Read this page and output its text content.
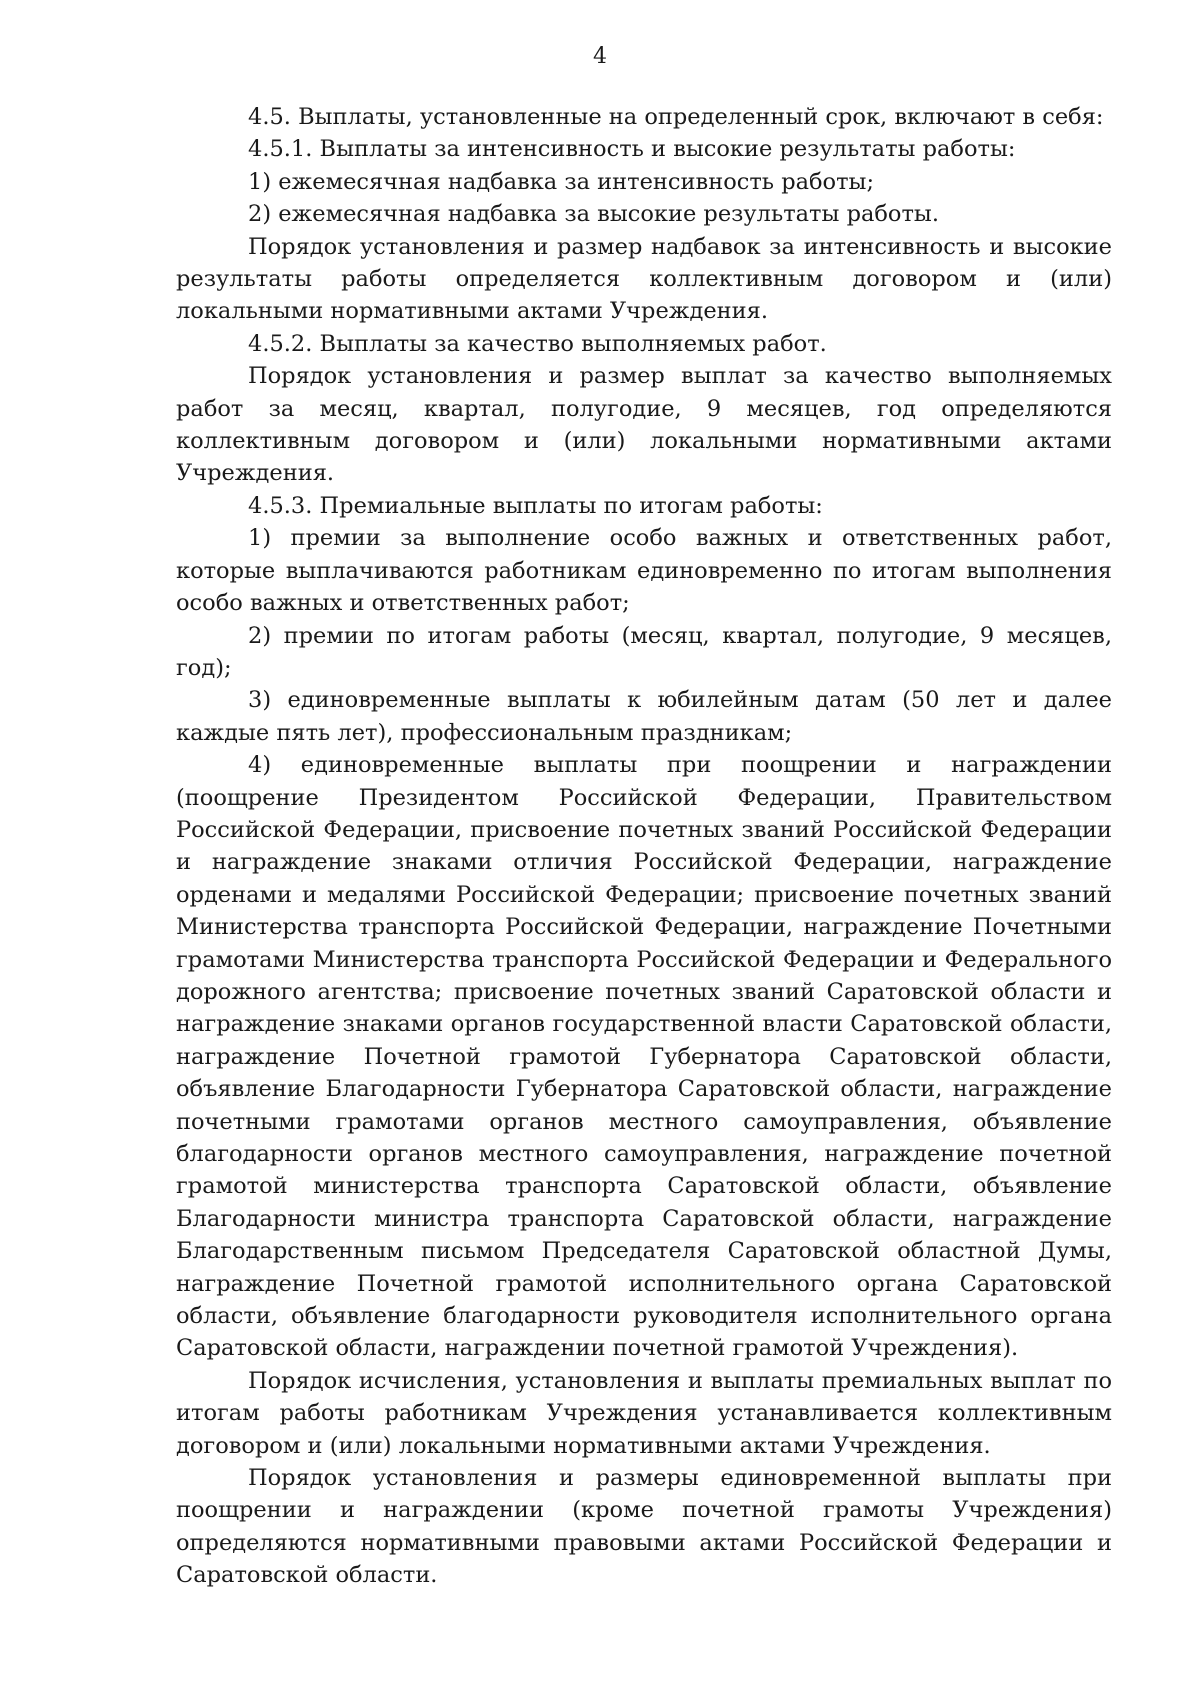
4

4.5. Выплаты, установленные на определенный срок, включают в себя:

4.5.1. Выплаты за интенсивность и высокие результаты работы:

1) ежемесячная надбавка за интенсивность работы;

2) ежемесячная надбавка за высокие результаты работы.

Порядок установления и размер надбавок за интенсивность и высокие результаты работы определяется коллективным договором и (или) локальными нормативными актами Учреждения.

4.5.2. Выплаты за качество выполняемых работ.

Порядок установления и размер выплат за качество выполняемых работ за месяц, квартал, полугодие, 9 месяцев, год определяются коллективным договором и (или) локальными нормативными актами Учреждения.

4.5.3. Премиальные выплаты по итогам работы:

1) премии за выполнение особо важных и ответственных работ, которые выплачиваются работникам единовременно по итогам выполнения особо важных и ответственных работ;

2) премии по итогам работы (месяц, квартал, полугодие, 9 месяцев, год);

3) единовременные выплаты к юбилейным датам (50 лет и далее каждые пять лет), профессиональным праздникам;

4) единовременные выплаты при поощрении и награждении (поощрение Президентом Российской Федерации, Правительством Российской Федерации, присвоение почетных званий Российской Федерации и награждение знаками отличия Российской Федерации, награждение орденами и медалями Российской Федерации; присвоение почетных званий Министерства транспорта Российской Федерации, награждение Почетными грамотами Министерства транспорта Российской Федерации и Федерального дорожного агентства; присвоение почетных званий Саратовской области и награждение знаками органов государственной власти Саратовской области, награждение Почетной грамотой Губернатора Саратовской области, объявление Благодарности Губернатора Саратовской области, награждение почетными грамотами органов местного самоуправления, объявление благодарности органов местного самоуправления, награждение почетной грамотой министерства транспорта Саратовской области, объявление Благодарности министра транспорта Саратовской области, награждение Благодарственным письмом Председателя Саратовской областной Думы, награждение Почетной грамотой исполнительного органа Саратовской области, объявление благодарности руководителя исполнительного органа Саратовской области, награждении почетной грамотой Учреждения).

Порядок исчисления, установления и выплаты премиальных выплат по итогам работы работникам Учреждения устанавливается коллективным договором и (или) локальными нормативными актами Учреждения.

Порядок установления и размеры единовременной выплаты при поощрении и награждении (кроме почетной грамоты Учреждения) определяются нормативными правовыми актами Российской Федерации и Саратовской области.
